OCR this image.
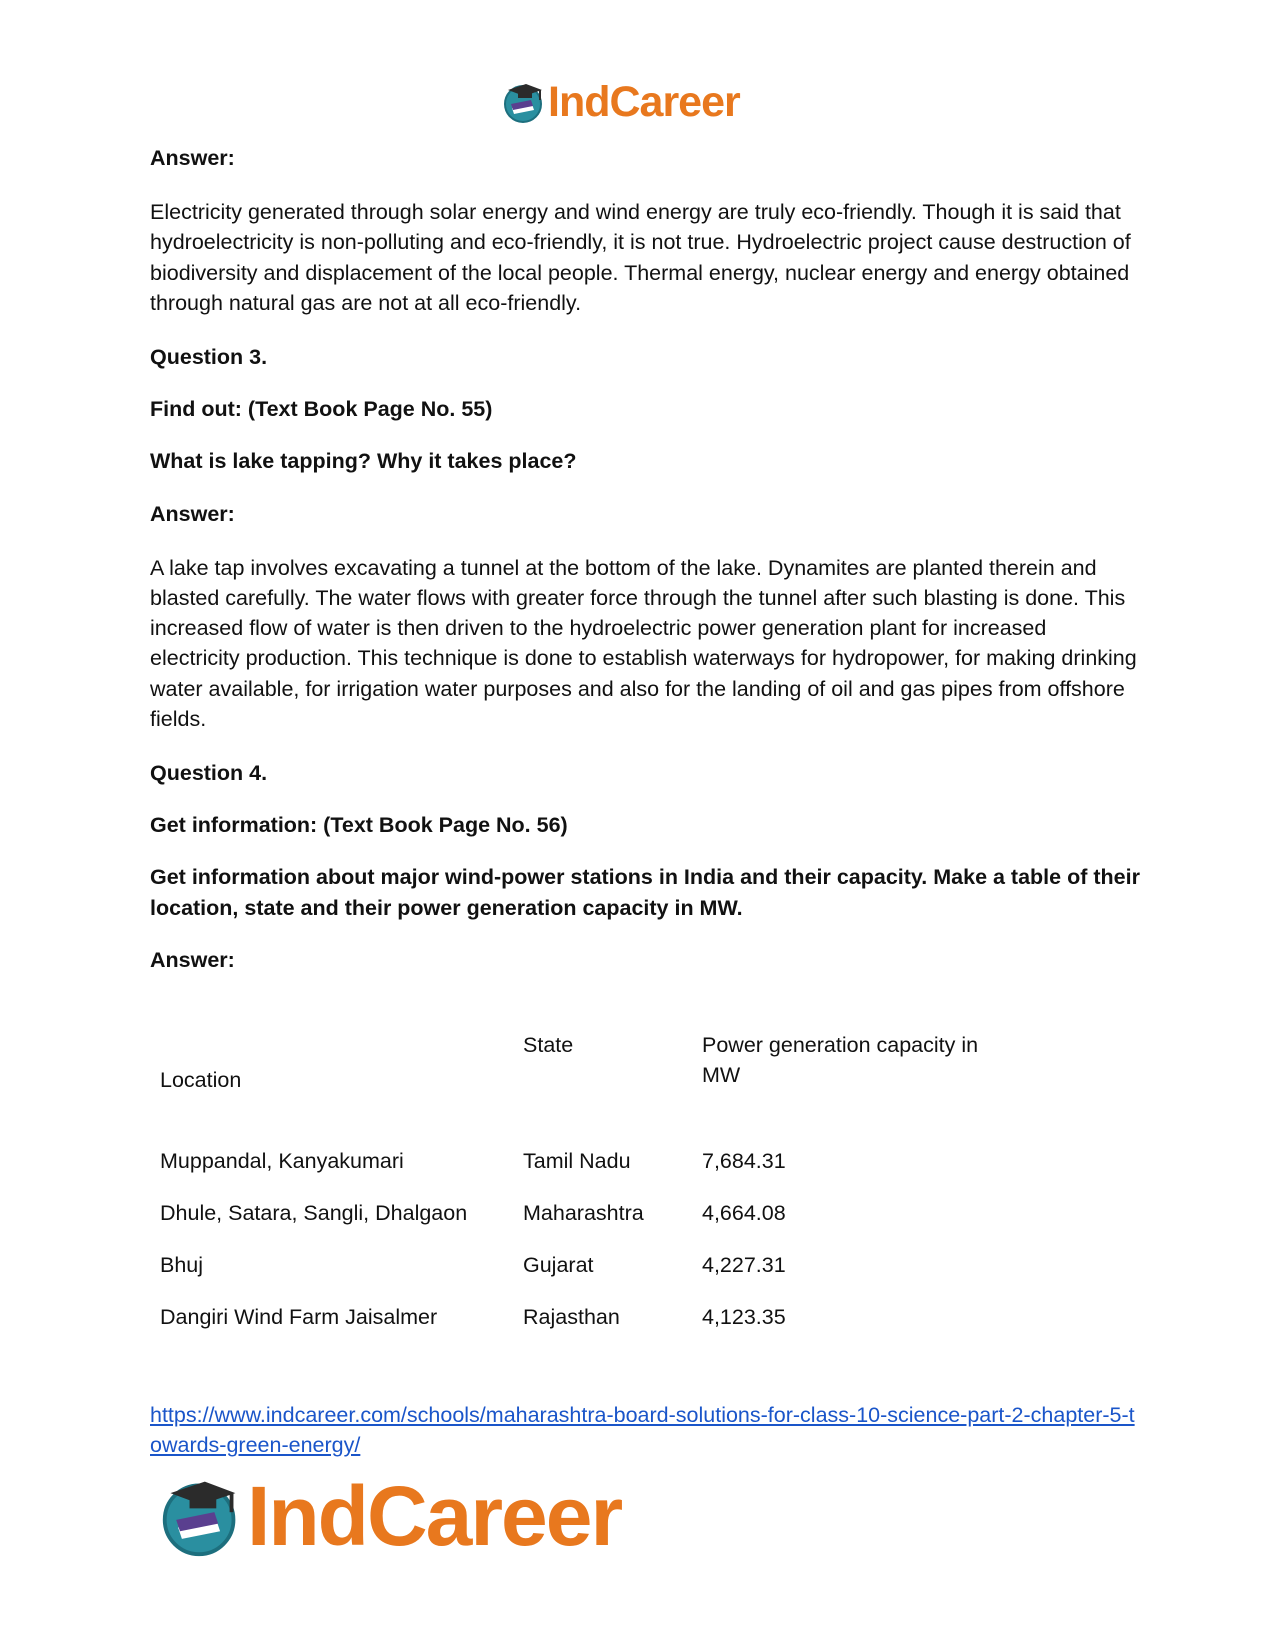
IndCareer

Answer:

Electricity generated through solar energy and wind energy are truly eco-friendly. Though it is said that hydroelectricity is non-polluting and eco-friendly, it is not true. Hydroelectric project cause destruction of biodiversity and displacement of the local people. Thermal energy, nuclear energy and energy obtained through natural gas are not at all eco-friendly.

Question 3.

Find out: (Text Book Page No. 55)

What is lake tapping? Why it takes place?

Answer:

A lake tap involves excavating a tunnel at the bottom of the lake. Dynamites are planted therein and blasted carefully. The water flows with greater force through the tunnel after such blasting is done. This increased flow of water is then driven to the hydroelectric power generation plant for increased electricity production. This technique is done to establish waterways for hydropower, for making drinking water available, for irrigation water purposes and also for the landing of oil and gas pipes from offshore fields.

Question 4.

Get information: (Text Book Page No. 56)

Get information about major wind-power stations in India and their capacity. Make a table of their location, state and their power generation capacity in MW.

Answer:

Location	State	Power generation capacity in MW
Muppandal, Kanyakumari	Tamil Nadu	7,684.31
Dhule, Satara, Sangli, Dhalgaon	Maharashtra	4,664.08
Bhuj	Gujarat	4,227.31
Dangiri Wind Farm Jaisalmer	Rajasthan	4,123.35
https://www.indcareer.com/schools/maharashtra-board-solutions-for-class-10-science-part-2-chapter-5-towards-green-energy/
IndCareer
